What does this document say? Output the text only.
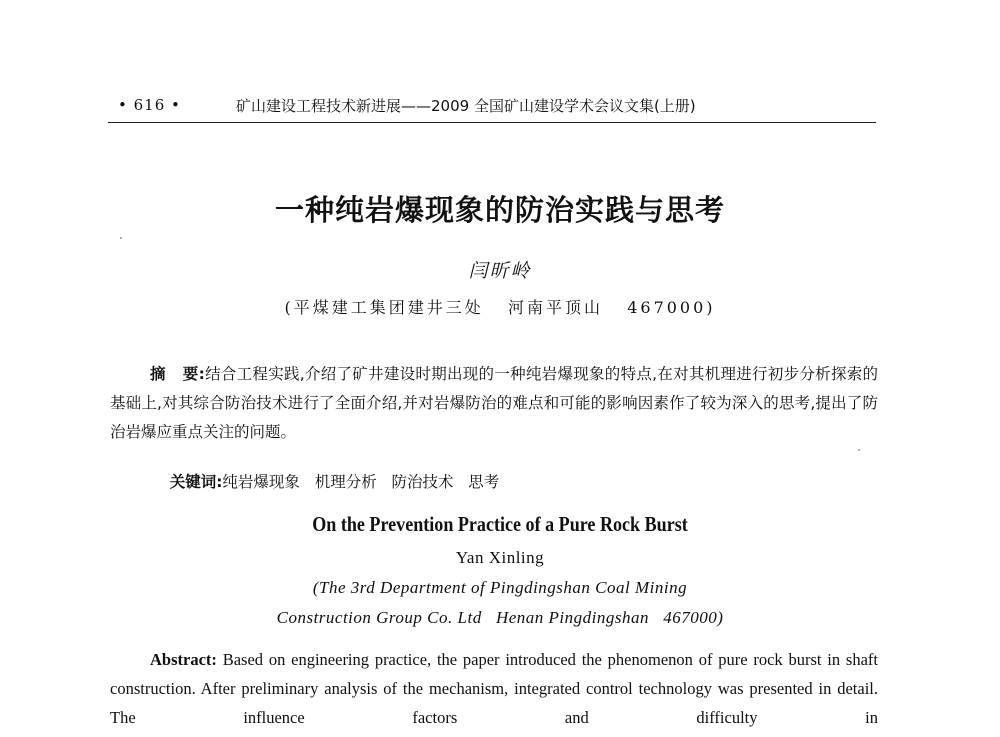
• 616 •	矿山建设工程技术新进展——2009 全国矿山建设学术会议文集(上册)
一种纯岩爆现象的防治实践与思考
闫昕岭
(平煤建工集团建井三处   河南平顶山   467000)
摘   要:结合工程实践,介绍了矿井建设时期出现的一种纯岩爆现象的特点,在对其机理进行初步分析探索的基础上,对其综合防治技术进行了全面介绍,并对岩爆防治的难点和可能的影响因素作了较为深入的思考,提出了防治岩爆应重点关注的问题。

关键词:纯岩爆现象   机理分析   防治技术   思考

On the Prevention Practice of a Pure Rock Burst
Yan Xinling
(The 3rd Department of Pingdingshan Coal Mining
Construction Group Co. Ltd   Henan Pingdingshan   467000)
Abstract: Based on engineering practice, the paper introduced the phenomenon of pure rock burst in shaft construction. After preliminary analysis of the mechanism, integrated control technology was presented in detail. The influence factors and difficulty in
